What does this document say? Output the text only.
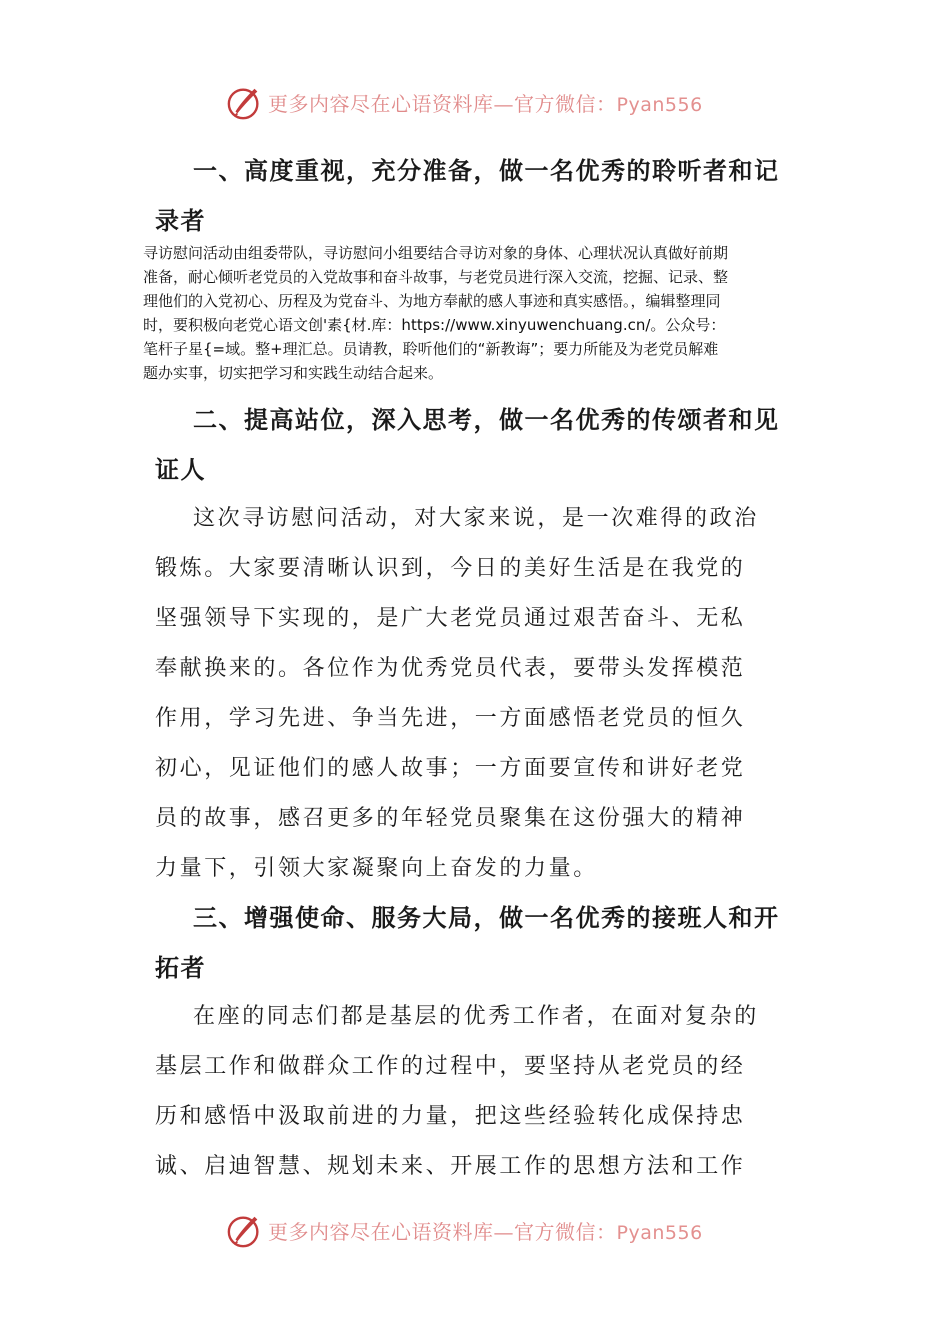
更多内容尽在心语资料库—官方微信：Pyan556
一、高度重视，充分准备，做一名优秀的聆听者和记
录者

寻访慰问活动由组委带队，寻访慰问小组要结合寻访对象的身体、心理状况认真做好前期
准备，耐心倾听老党员的入党故事和奋斗故事，与老党员进行深入交流，挖掘、记录、整
理他们的入党初心、历程及为党奋斗、为地方奉献的感人事迹和真实感悟。，编辑整理同
时，要积极向老党心语文创'素{材.库：https://www.xinyuwenchuang.cn/。公众号：
笔杆子星{=域。整+理汇总。员请教，聆听他们的“新教诲”；要力所能及为老党员解难
题办实事，切实把学习和实践生动结合起来。

二、提高站位，深入思考，做一名优秀的传颂者和见
证人

这次寻访慰问活动，对大家来说，是一次难得的政治
锻炼。大家要清晰认识到，今日的美好生活是在我党的
坚强领导下实现的，是广大老党员通过艰苦奋斗、无私
奉献换来的。各位作为优秀党员代表，要带头发挥模范
作用，学习先进、争当先进，一方面感悟老党员的恒久
初心，见证他们的感人故事；一方面要宣传和讲好老党
员的故事，感召更多的年轻党员聚集在这份强大的精神
力量下，引领大家凝聚向上奋发的力量。

三、增强使命、服务大局，做一名优秀的接班人和开
拓者

在座的同志们都是基层的优秀工作者，在面对复杂的
基层工作和做群众工作的过程中，要坚持从老党员的经
历和感悟中汲取前进的力量，把这些经验转化成保持忠
诚、启迪智慧、规划未来、开展工作的思想方法和工作

更多内容尽在心语资料库—官方微信：Pyan556
